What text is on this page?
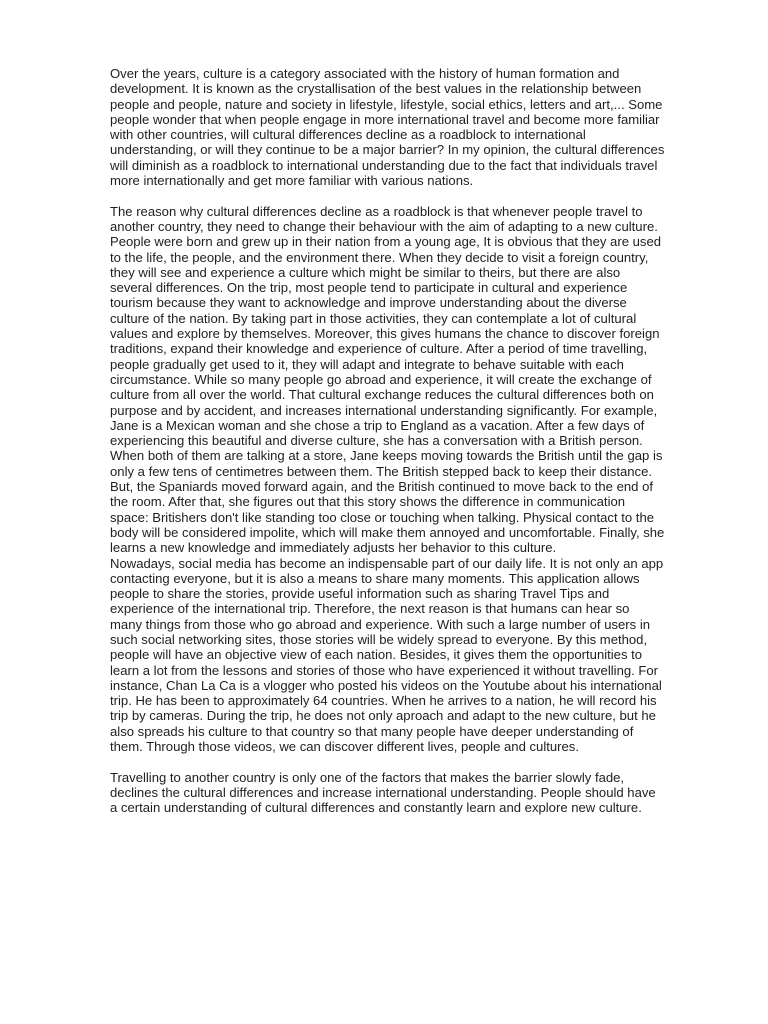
Over the years, culture is a category associated with the history of human formation and development. It is known as the crystallisation of the best values in the relationship between people and people, nature and society in lifestyle, lifestyle, social ethics, letters and art,... Some people wonder that when people engage in more international travel and become more familiar with other countries, will cultural differences decline as a roadblock to international understanding, or will they continue to be a major barrier? In my opinion, the cultural differences will diminish as a roadblock to international understanding due to the fact that individuals travel more internationally and get more familiar with various nations.

The reason why cultural differences decline as a roadblock is that whenever people travel to another country, they need to change their behaviour with the aim of adapting to a new culture. People were born and grew up in their nation from a young age, It is obvious that they are used to the life, the people, and the environment there. When they decide to visit a foreign country, they will see and experience a culture which might be similar to theirs, but there are also several differences. On the trip, most people tend to participate in cultural and experience tourism because they want to acknowledge and improve understanding about the diverse culture of the nation. By taking part in those activities, they can contemplate a lot of cultural values and explore by themselves. Moreover, this gives humans the chance to discover foreign traditions, expand their knowledge and experience of culture. After a period of time travelling, people gradually get used to it, they will adapt and integrate to behave suitable with each circumstance. While so many people go abroad and experience, it will create the exchange of culture from all over the world. That cultural exchange reduces the cultural differences both on purpose and by accident, and increases international understanding significantly. For example, Jane is a Mexican woman and she chose a trip to England as a vacation. After a few days of experiencing this beautiful and diverse culture, she has a conversation with a British person. When both of them are talking at a store, Jane keeps moving towards the British until the gap is only a few tens of centimetres between them. The British stepped back to keep their distance. But, the Spaniards moved forward again, and the British continued to move back to the end of the room. After that, she figures out that this story shows the difference in communication space: Britishers don't like standing too close or touching when talking. Physical contact to the body will be considered impolite, which will make them annoyed and uncomfortable. Finally, she learns a new knowledge and immediately adjusts her behavior to this culture.

Nowadays, social media has become an indispensable part of our daily life. It is not only an app contacting everyone, but it is also a means to share many moments. This application allows people to share the stories, provide useful information such as sharing Travel Tips and experience of the international trip. Therefore, the next reason is that humans can hear so many things from those who go abroad and experience. With such a large number of users in such social networking sites, those stories will be widely spread to everyone. By this method, people will have an objective view of each nation. Besides, it gives them the opportunities to learn a lot from the lessons and stories of those who have experienced it without travelling. For instance, Chan La Ca is a vlogger who posted his videos on the Youtube about his international trip. He has been to approximately 64 countries. When he arrives to a nation, he will record his trip by cameras. During the trip, he does not only aproach and adapt to the new culture, but he also spreads his culture to that country so that many people have deeper understanding of them. Through those videos, we can discover different lives, people and cultures.

Travelling to another country is only one of the factors that makes the barrier slowly fade, declines the cultural differences and increase international understanding. People should have a certain understanding of cultural differences and constantly learn and explore new culture.
